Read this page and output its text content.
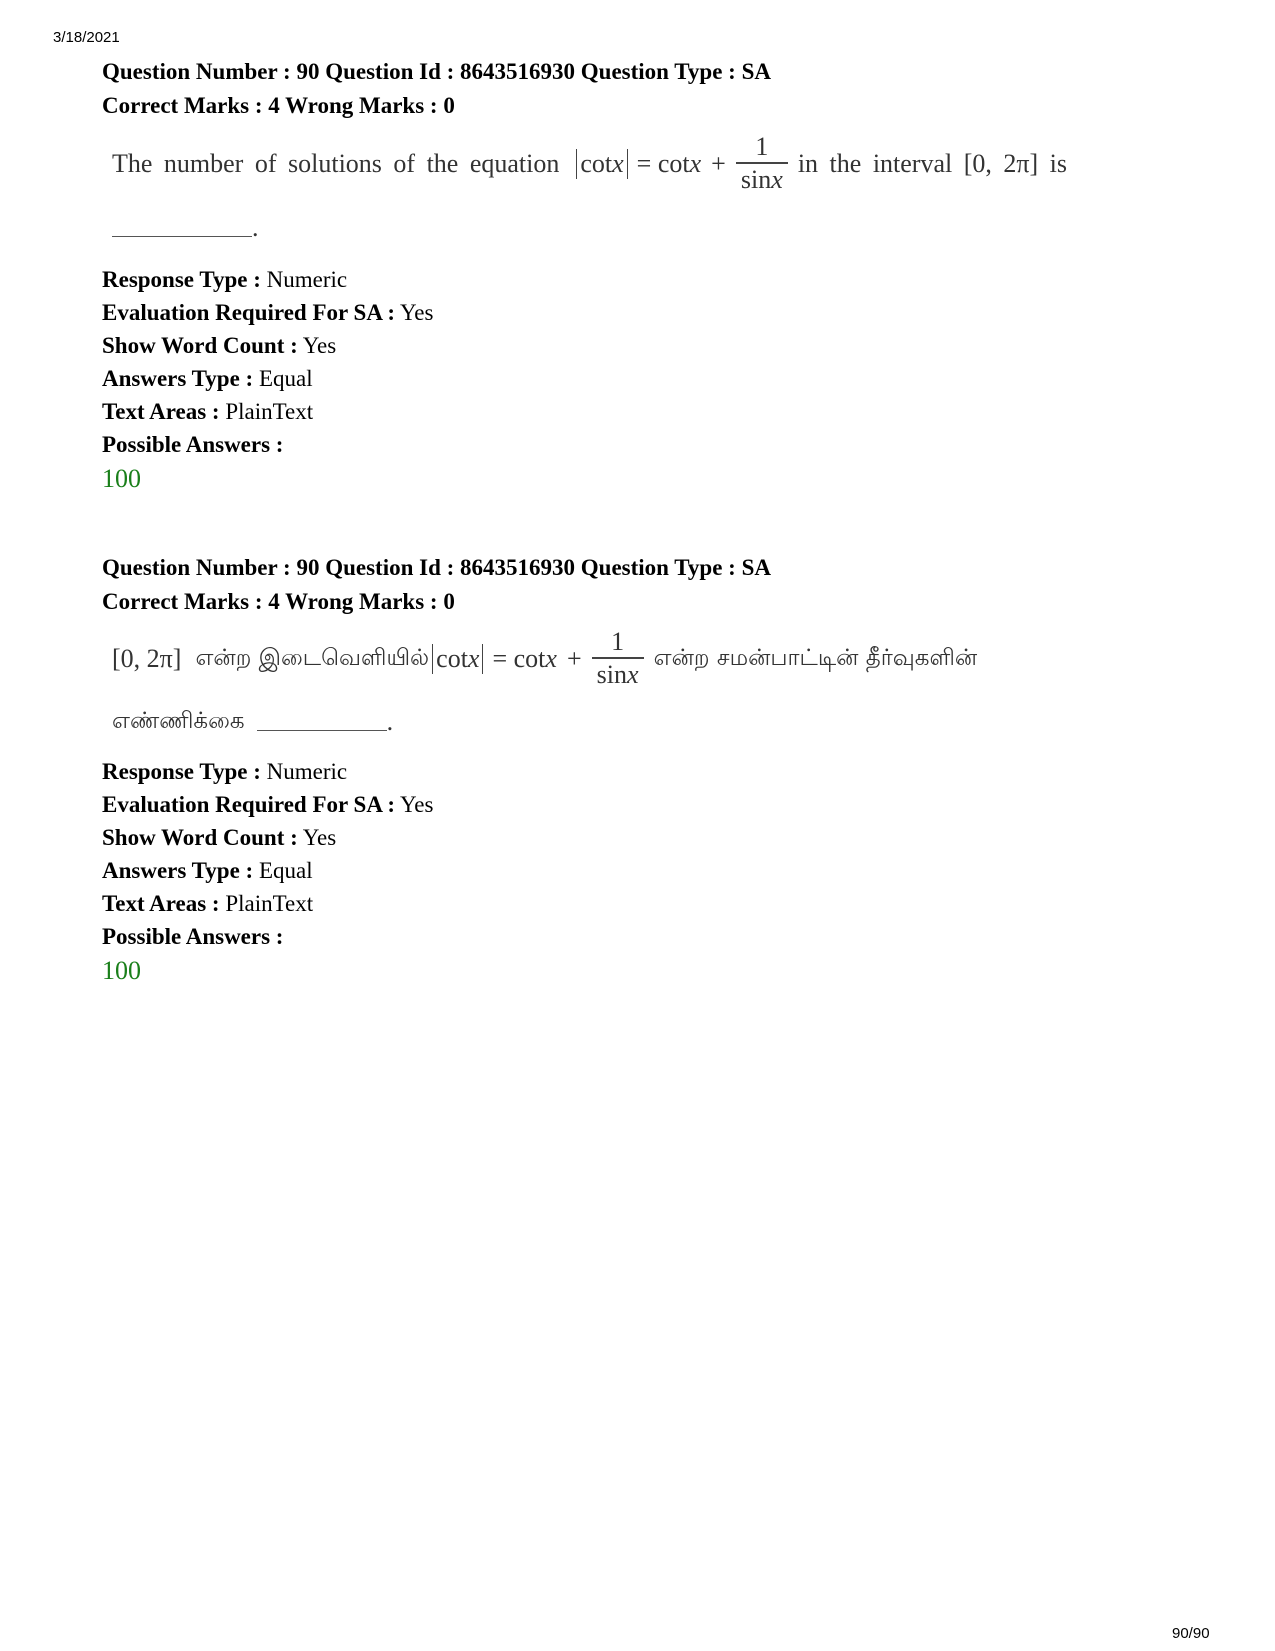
3/18/2021
Question Number : 90 Question Id : 8643516930 Question Type : SA
Correct Marks : 4 Wrong Marks : 0
The number of solutions of the equation $\cot x = \cot x + \frac{1}{\sin x}$ in the interval [0, 2π] is
.
Response Type : Numeric
Evaluation Required For SA : Yes
Show Word Count : Yes
Answers Type : Equal
Text Areas : PlainText
Possible Answers :
100
Question Number : 90 Question Id : 8643516930 Question Type : SA
Correct Marks : 4 Wrong Marks : 0
[0, 2π] என்ற இடைவெளியில் $\cot x = \cot x + \frac{1}{\sin x}$ என்ற சமன்பாட்டின் தீர்வுகளின்
எண்ணிக்கை	.
Response Type : Numeric
Evaluation Required For SA : Yes
Show Word Count : Yes
Answers Type : Equal
Text Areas : PlainText
Possible Answers :
100
90/90
